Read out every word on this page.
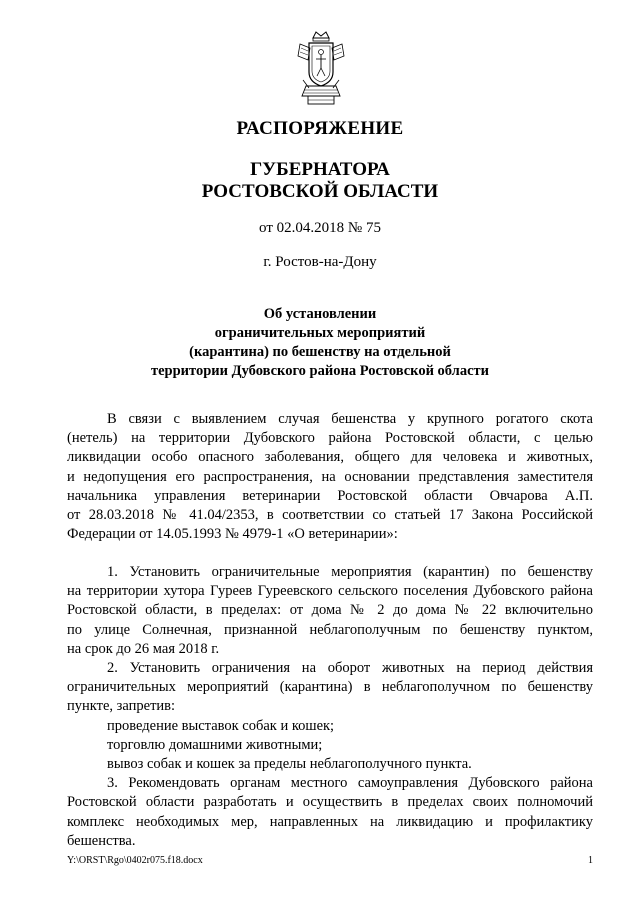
РАСПОРЯЖЕНИЕ
ГУБЕРНАТОРА
РОСТОВСКОЙ ОБЛАСТИ
от 02.04.2018 № 75
г. Ростов-на-Дону
Об установлении
ограничительных мероприятий
(карантина) по бешенству на отдельной
территории Дубовского района Ростовской области
В связи с выявлением случая бешенства у крупного рогатого скота
(нетель) на территории Дубовского района Ростовской области, с целью
ликвидации особо опасного заболевания, общего для человека и животных,
и недопущения его распространения, на основании представления заместителя
начальника управления ветеринарии Ростовской области Овчарова А.П.
от 28.03.2018 № 41.04/2353, в соответствии со статьей 17 Закона Российской
Федерации от 14.05.1993 № 4979-1 «О ветеринарии»:
1. Установить ограничительные мероприятия (карантин) по бешенству
на территории хутора Гуреев Гуреевского сельского поселения Дубовского района
Ростовской области, в пределах: от дома № 2 до дома № 22 включительно
по улице Солнечная, признанной неблагополучным по бешенству пунктом,
на срок до 26 мая 2018 г.
2. Установить ограничения на оборот животных на период действия
ограничительных мероприятий (карантина) в неблагополучном по бешенству
пункте, запретив:
проведение выставок собак и кошек;
торговлю домашними животными;
вывоз собак и кошек за пределы неблагополучного пункта.
3. Рекомендовать органам местного самоуправления Дубовского района
Ростовской области разработать и осуществить в пределах своих полномочий
комплекс необходимых мер, направленных на ликвидацию и профилактику
бешенства.
Y:\ORST\Rgo\0402r075.f18.docx	1
